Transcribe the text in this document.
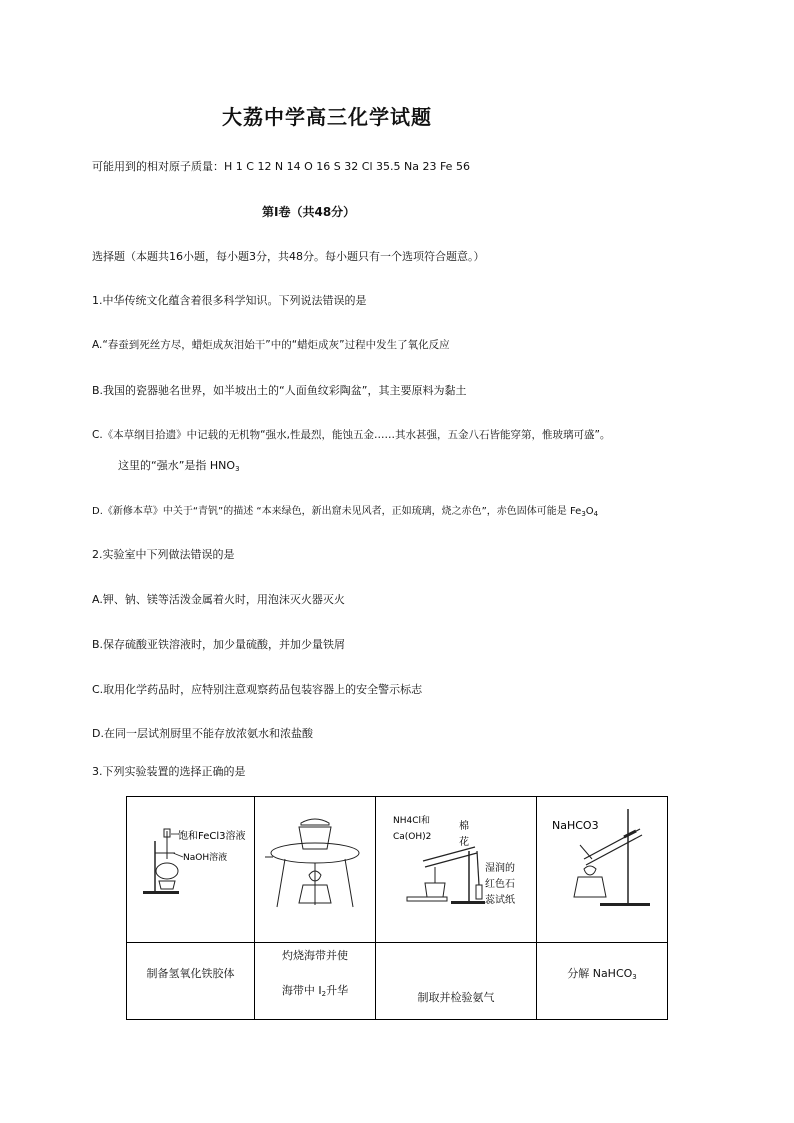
大荔中学高三化学试题
可能用到的相对原子质量：H 1 C 12 N 14 O 16 S 32 Cl 35.5 Na 23 Fe 56
第Ⅰ卷（共48分）
选择题（本题共16小题，每小题3分，共48分。每小题只有一个选项符合题意。）
1.中华传统文化蕴含着很多科学知识。下列说法错误的是
A.“春蚕到死丝方尽，蜡炬成灰泪始干”中的“蜡炬成灰”过程中发生了氧化反应
B.我国的瓷器驰名世界，如半坡出土的“人面鱼纹彩陶盆”，其主要原料为黏土
C.《本草纲目拾遗》中记载的无机物“强水,性最烈，能蚀五金……其水甚强，五金八石皆能穿第，惟玻璃可盛”。
这里的“强水”是指 $HNO_3$
D.《新修本草》中关于“青钒”的描述 “本来绿色，新出窟未见风者，正如琉璃，烧之赤色”，赤色固体可能是 $Fe_3O_4$
2.实验室中下列做法错误的是
A.钾、钠、镁等活泼金属着火时，用泡沫灭火器灭火
B.保存硫酸亚铁溶液时，加少量硫酸，并加少量铁屑
C.取用化学药品时，应特别注意观察药品包装容器上的安全警示标志
D.在同一层试剂厨里不能存放浓氨水和浓盐酸
3.下列实验装置的选择正确的是
饱和FeCl3溶液
NaOH溶液
NH4Cl和
Ca(OH)2
棉
花
湿润的
红色石
蕊试纸
NaHCO3
制备氢氧化铁胶体
灼烧海带并使
海带中 $I_2$升华
制取并检验氨气
分解 NaHCO$_3$
